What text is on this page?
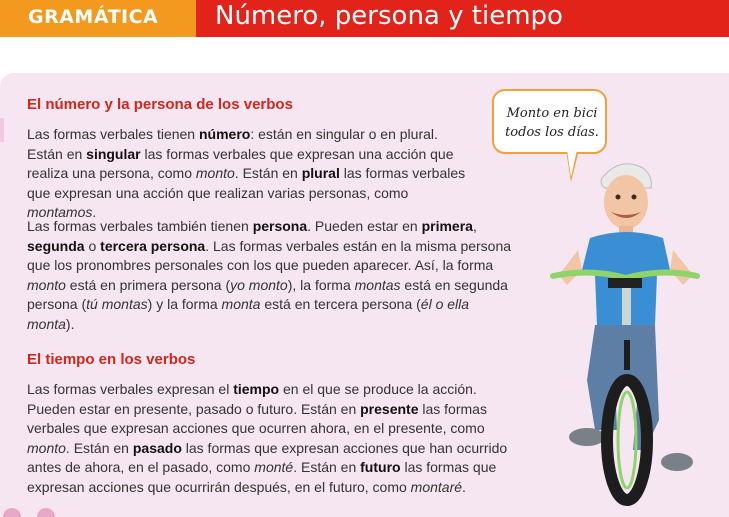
GRAMÁTICA Número, persona y tiempo
El número y la persona de los verbos
Las formas verbales tienen número: están en singular o en plural. Están en singular las formas verbales que expresan una acción que realiza una persona, como monto. Están en plural las formas verbales que expresan una acción que realizan varias personas, como montamos.
Las formas verbales también tienen persona. Pueden estar en primera, segunda o tercera persona. Las formas verbales están en la misma persona que los pronombres personales con los que pueden aparecer. Así, la forma monto está en primera persona (yo monto), la forma montas está en segunda persona (tú montas) y la forma monta está en tercera persona (él o ella monta).
El tiempo en los verbos
Las formas verbales expresan el tiempo en el que se produce la acción. Pueden estar en presente, pasado o futuro. Están en presente las formas verbales que expresan acciones que ocurren ahora, en el presente, como monto. Están en pasado las formas que expresan acciones que han ocurrido antes de ahora, en el pasado, como monté. Están en futuro las formas que expresan acciones que ocurrirán después, en el futuro, como montaré.
Monto en bici
todos los días.
